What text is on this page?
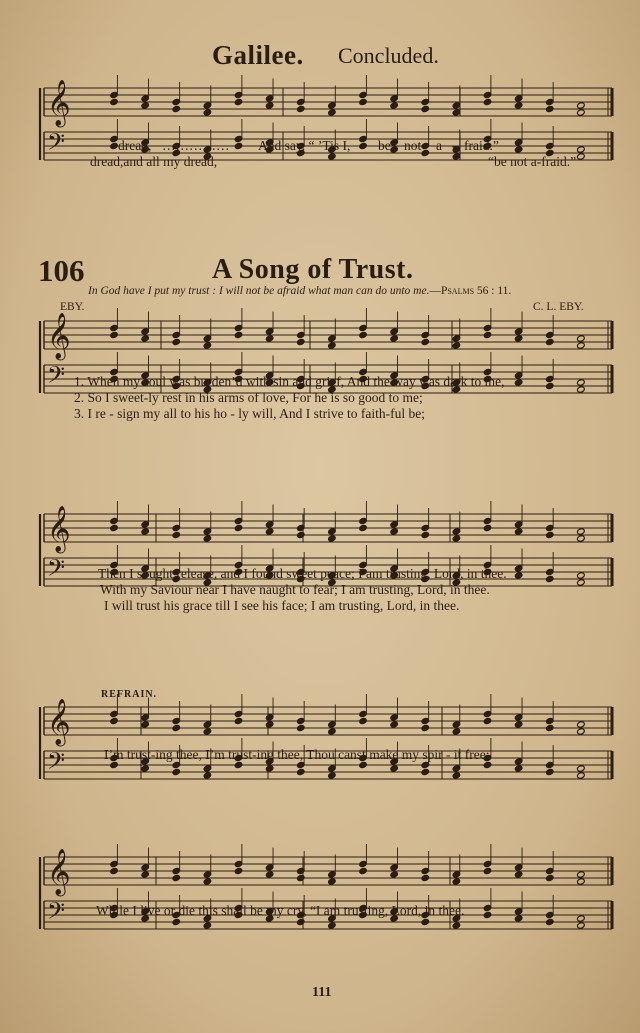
Galilee. Concluded.
𝄞
𝄢
𝄞
𝄢
𝄞
𝄢
𝄞
𝄢
𝄞
𝄢
dread, …………… And say, “ ’Tis I, be not a - fraid.”
dread,and all my dread,	“be not a-fraid.”
106	A Song of Trust.
In God have I put my trust : I will not be afraid what man can do unto me.—Psalms 56 : 11.
EBY.	C. L. EBY.
1. When my soul was burden’d with sin and grief, And the way was dark to me,
2. So I sweet-ly rest in his arms of love, For he is so good to me;
3. I re - sign my all to his ho - ly will, And I strive to faith-ful be;
Then I sought release, and I found sweet peace; I am trusting, Lord, in thee.
With my Saviour near I have naught to fear; I am trusting, Lord, in thee.
I will trust his grace till I see his face; I am trusting, Lord, in thee.
REFRAIN.
I’m trust-ing thee, I’m trust-ing thee, Thou canst make my spir - it free;
While I live or die this shall be my cry, “I am trusting, Lord, in thee.
111
